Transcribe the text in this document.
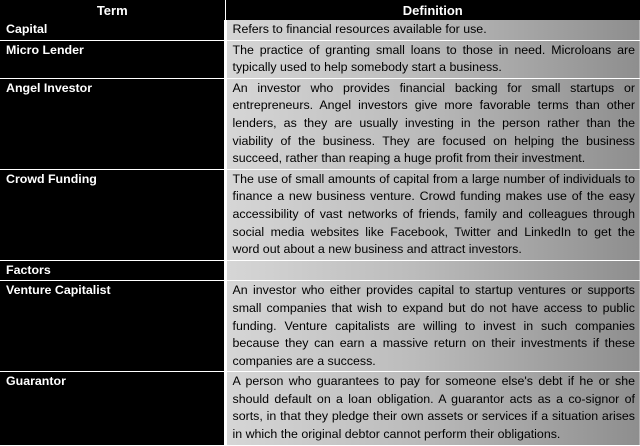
Term	Definition
Capital	Refers to financial resources available for use.
Micro Lender	The practice of granting small loans to those in need. Microloans are typically used to help somebody start a business.
Angel Investor	An investor who provides financial backing for small startups or entrepreneurs. Angel investors give more favorable terms than other lenders, as they are usually investing in the person rather than the viability of the business. They are focused on helping the business succeed, rather than reaping a huge profit from their investment.
Crowd Funding	The use of small amounts of capital from a large number of individuals to finance a new business venture. Crowd funding makes use of the easy accessibility of vast networks of friends, family and colleagues through social media websites like Facebook, Twitter and LinkedIn to get the word out about a new business and attract investors.
Factors	
Venture Capitalist	An investor who either provides capital to startup ventures or supports small companies that wish to expand but do not have access to public funding. Venture capitalists are willing to invest in such companies because they can earn a massive return on their investments if these companies are a success.
Guarantor	A person who guarantees to pay for someone else's debt if he or she should default on a loan obligation. A guarantor acts as a co-signor of sorts, in that they pledge their own assets or services if a situation arises in which the original debtor cannot perform their obligations.
